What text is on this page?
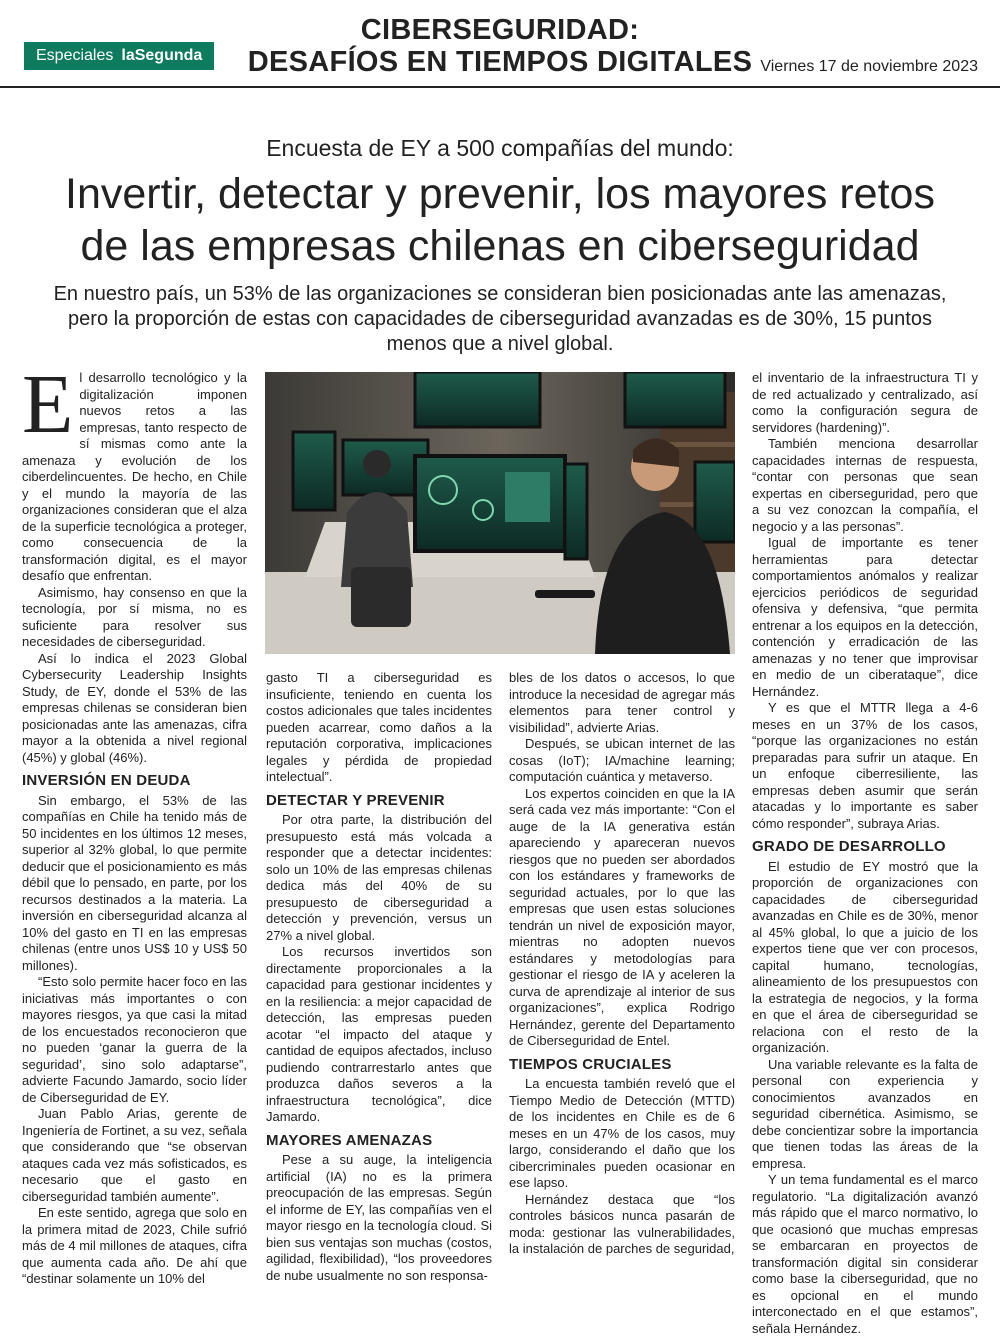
Especiales laSegunda
CIBERSEGURIDAD:
DESAFÍOS EN TIEMPOS DIGITALES Viernes 17 de noviembre 2023
Encuesta de EY a 500 compañías del mundo:
Invertir, detectar y prevenir, los mayores retos
de las empresas chilenas en ciberseguridad
En nuestro país, un 53% de las organizaciones se consideran bien posicionadas ante las amenazas, pero la proporción de estas con capacidades de ciberseguridad avanzadas es de 30%, 15 puntos menos que a nivel global.
E l desarrollo tecnológico y la digitalización imponen nuevos retos a las empresas, tanto respecto de sí mismas como ante la amenaza y evolución de los ciberdelincuentes. De hecho, en Chile y el mundo la mayoría de las organizaciones consideran que el alza de la superficie tecnológica a proteger, como consecuencia de la transformación digital, es el mayor desafío que enfrentan.

Asimismo, hay consenso en que la tecnología, por sí misma, no es suficiente para resolver sus necesidades de ciberseguridad.

Así lo indica el 2023 Global Cybersecurity Leadership Insights Study, de EY, donde el 53% de las empresas chilenas se consideran bien posicionadas ante las amenazas, cifra mayor a la obtenida a nivel regional (45%) y global (46%).

INVERSIÓN EN DEUDA

Sin embargo, el 53% de las compañías en Chile ha tenido más de 50 incidentes en los últimos 12 meses, superior al 32% global, lo que permite deducir que el posicionamiento es más débil que lo pensado, en parte, por los recursos destinados a la materia. La inversión en ciberseguridad alcanza al 10% del gasto en TI en las empresas chilenas (entre unos US$ 10 y US$ 50 millones).

“Esto solo permite hacer foco en las iniciativas más importantes o con mayores riesgos, ya que casi la mitad de los encuestados reconocieron que no pueden ‘ganar la guerra de la seguridad’, sino solo adaptarse”, advierte Facundo Jamardo, socio líder de Ciberseguridad de EY.

Juan Pablo Arias, gerente de Ingeniería de Fortinet, a su vez, señala que considerando que “se observan ataques cada vez más sofisticados, es necesario que el gasto en ciberseguridad también aumente”.

En este sentido, agrega que solo en la primera mitad de 2023, Chile sufrió más de 4 mil millones de ataques, cifra que aumenta cada año. De ahí que “destinar solamente un 10% del

gasto TI a ciberseguridad es insuficiente, teniendo en cuenta los costos adicionales que tales incidentes pueden acarrear, como daños a la reputación corporativa, implicaciones legales y pérdida de propiedad intelectual”.

DETECTAR Y PREVENIR

Por otra parte, la distribución del presupuesto está más volcada a responder que a detectar incidentes: solo un 10% de las empresas chilenas dedica más del 40% de su presupuesto de ciberseguridad a detección y prevención, versus un 27% a nivel global.

Los recursos invertidos son directamente proporcionales a la capacidad para gestionar incidentes y en la resiliencia: a mejor capacidad de detección, las empresas pueden acotar “el impacto del ataque y cantidad de equipos afectados, incluso pudiendo contrarrestarlo antes que produzca daños severos a la infraestructura tecnológica”, dice Jamardo.

MAYORES AMENAZAS

Pese a su auge, la inteligencia artificial (IA) no es la primera preocupación de las empresas. Según el informe de EY, las compañías ven el mayor riesgo en la tecnología cloud. Si bien sus ventajas son muchas (costos, agilidad, flexibilidad), “los proveedores de nube usualmente no son responsa-

bles de los datos o accesos, lo que introduce la necesidad de agregar más elementos para tener control y visibilidad”, advierte Arias.

Después, se ubican internet de las cosas (IoT); IA/machine learning; computación cuántica y metaverso.

Los expertos coinciden en que la IA será cada vez más importante: “Con el auge de la IA generativa están apareciendo y apareceran nuevos riesgos que no pueden ser abordados con los estándares y frameworks de seguridad actuales, por lo que las empresas que usen estas soluciones tendrán un nivel de exposición mayor, mientras no adopten nuevos estándares y metodologías para gestionar el riesgo de IA y aceleren la curva de aprendizaje al interior de sus organizaciones”, explica Rodrigo Hernández, gerente del Departamento de Ciberseguridad de Entel.

TIEMPOS CRUCIALES

La encuesta también reveló que el Tiempo Medio de Detección (MTTD) de los incidentes en Chile es de 6 meses en un 47% de los casos, muy largo, considerando el daño que los cibercriminales pueden ocasionar en ese lapso.

Hernández destaca que “los controles básicos nunca pasarán de moda: gestionar las vulnerabilidades, la instalación de parches de seguridad,

el inventario de la infraestructura TI y de red actualizado y centralizado, así como la configuración segura de servidores (hardening)”.

También menciona desarrollar capacidades internas de respuesta, “contar con personas que sean expertas en ciberseguridad, pero que a su vez conozcan la compañía, el negocio y a las personas”.

Igual de importante es tener herramientas para detectar comportamientos anómalos y realizar ejercicios periódicos de seguridad ofensiva y defensiva, “que permita entrenar a los equipos en la detección, contención y erradicación de las amenazas y no tener que improvisar en medio de un ciberataque”, dice Hernández.

Y es que el MTTR llega a 4-6 meses en un 37% de los casos, “porque las organizaciones no están preparadas para sufrir un ataque. En un enfoque ciberresiliente, las empresas deben asumir que serán atacadas y lo importante es saber cómo responder”, subraya Arias.

GRADO DE DESARROLLO

El estudio de EY mostró que la proporción de organizaciones con capacidades de ciberseguridad avanzadas en Chile es de 30%, menor al 45% global, lo que a juicio de los expertos tiene que ver con procesos, capital humano, tecnologías, alineamiento de los presupuestos con la estrategia de negocios, y la forma en que el área de ciberseguridad se relaciona con el resto de la organización.

Una variable relevante es la falta de personal con experiencia y conocimientos avanzados en seguridad cibernética. Asimismo, se debe concientizar sobre la importancia que tienen todas las áreas de la empresa.

Y un tema fundamental es el marco regulatorio. “La digitalización avanzó más rápido que el marco normativo, lo que ocasionó que muchas empresas se embarcaran en proyectos de transformación digital sin considerar como base la ciberseguridad, que no es opcional en el mundo interconectado en el que estamos”, señala Hernández.
